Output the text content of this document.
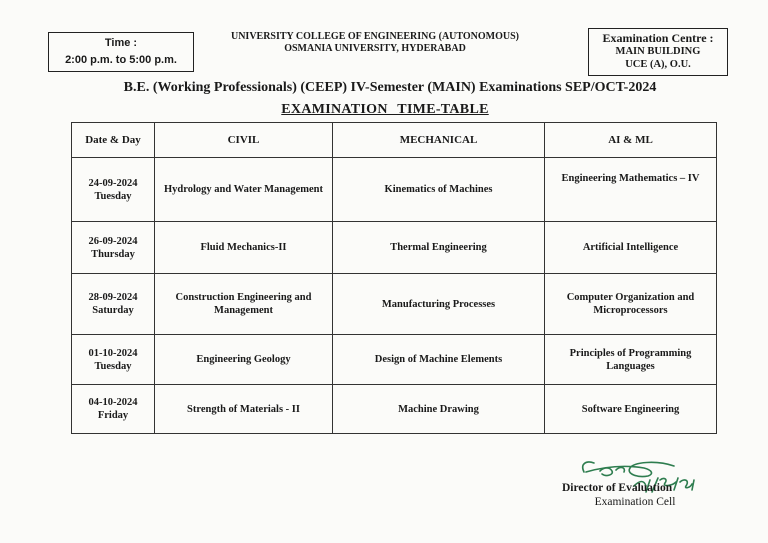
Time :
2:00 p.m. to 5:00 p.m.
UNIVERSITY COLLEGE OF ENGINEERING (AUTONOMOUS)
OSMANIA UNIVERSITY, HYDERABAD
Examination Centre :
MAIN BUILDING
UCE (A), O.U.
B.E. (Working Professionals) (CEEP) IV-Semester (MAIN) Examinations SEP/OCT-2024
EXAMINATION TIME-TABLE
Date & Day	CIVIL	MECHANICAL	AI & ML

24-09-2024
Tuesday	Hydrology and Water Management	Kinematics of Machines	Engineering Mathematics – IV

26-09-2024
Thursday	Fluid Mechanics-II	Thermal Engineering	Artificial Intelligence

28-09-2024
Saturday	Construction Engineering and Management	Manufacturing Processes	Computer Organization and Microprocessors

01-10-2024
Tuesday	Engineering Geology	Design of Machine Elements	Principles of Programming Languages

04-10-2024
Friday	Strength of Materials - II	Machine Drawing	Software Engineering
Director of Evaluation
Examination Cell
